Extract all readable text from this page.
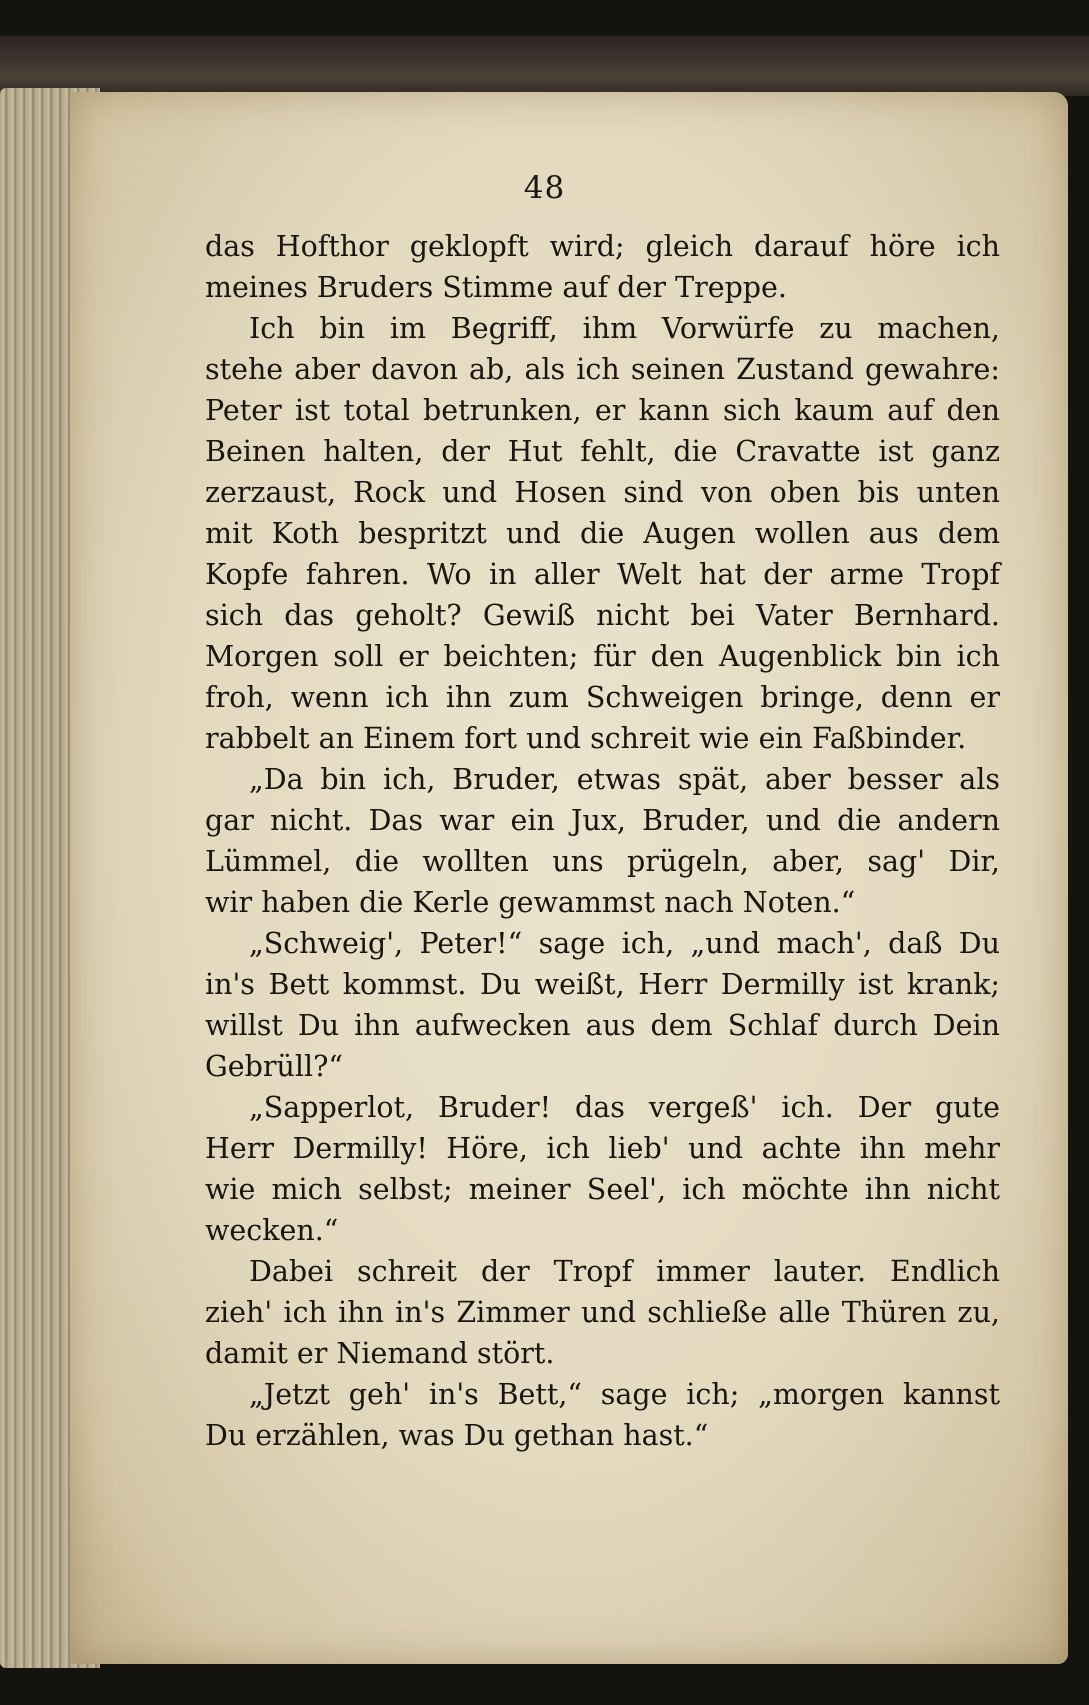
48
das Hofthor geklopft wird; gleich darauf höre ich
meines Bruders Stimme auf der Treppe.
Ich bin im Begriff, ihm Vorwürfe zu machen,
stehe aber davon ab, als ich seinen Zustand gewahre:
Peter ist total betrunken, er kann sich kaum auf den
Beinen halten, der Hut fehlt, die Cravatte ist ganz
zerzaust, Rock und Hosen sind von oben bis unten
mit Koth bespritzt und die Augen wollen aus dem
Kopfe fahren. Wo in aller Welt hat der arme Tropf
sich das geholt? Gewiß nicht bei Vater Bernhard.
Morgen soll er beichten; für den Augenblick bin ich
froh, wenn ich ihn zum Schweigen bringe, denn er
rabbelt an Einem fort und schreit wie ein Faßbinder.
„Da bin ich, Bruder, etwas spät, aber besser als
gar nicht. Das war ein Jux, Bruder, und die andern
Lümmel, die wollten uns prügeln, aber, sag' Dir,
wir haben die Kerle gewammst nach Noten.“
„Schweig', Peter!“ sage ich, „und mach', daß Du
in's Bett kommst. Du weißt, Herr Dermilly ist krank;
willst Du ihn aufwecken aus dem Schlaf durch Dein
Gebrüll?“
„Sapperlot, Bruder! das vergeß' ich. Der gute
Herr Dermilly! Höre, ich lieb' und achte ihn mehr
wie mich selbst; meiner Seel', ich möchte ihn nicht
wecken.“
Dabei schreit der Tropf immer lauter. Endlich
zieh' ich ihn in's Zimmer und schließe alle Thüren zu,
damit er Niemand stört.
„Jetzt geh' in's Bett,“ sage ich; „morgen kannst
Du erzählen, was Du gethan hast.“
